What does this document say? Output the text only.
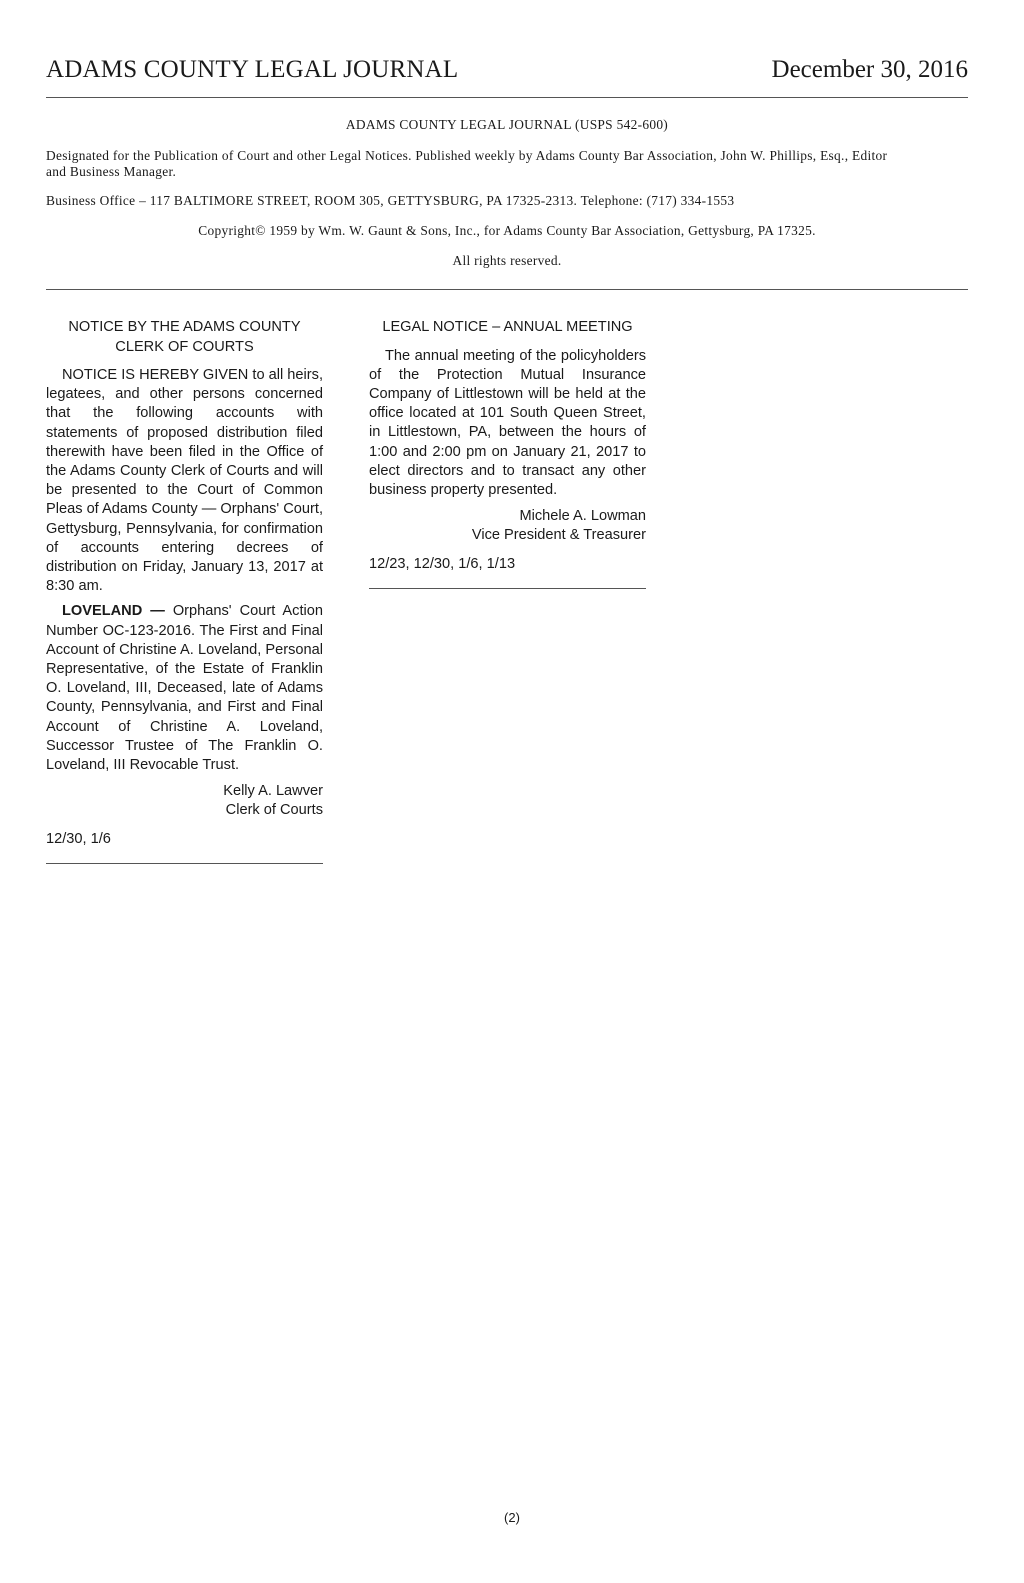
ADAMS COUNTY LEGAL JOURNAL	December 30, 2016

ADAMS COUNTY LEGAL JOURNAL (USPS 542-600)

Designated for the Publication of Court and other Legal Notices. Published weekly by Adams County Bar Association, John W. Phillips, Esq., Editor and Business Manager.

Business Office – 117 BALTIMORE STREET, ROOM 305, GETTYSBURG, PA 17325-2313. Telephone: (717) 334-1553

Copyright© 1959 by Wm. W. Gaunt & Sons, Inc., for Adams County Bar Association, Gettysburg, PA 17325.

All rights reserved.

NOTICE BY THE ADAMS COUNTY
CLERK OF COURTS

NOTICE IS HEREBY GIVEN to all heirs, legatees, and other persons concerned that the following accounts with statements of proposed distribution filed therewith have been filed in the Office of the Adams County Clerk of Courts and will be presented to the Court of Common Pleas of Adams County — Orphans' Court, Gettysburg, Pennsylvania, for confirmation of accounts entering decrees of distribution on Friday, January 13, 2017 at 8:30 am.

LOVELAND — Orphans' Court Action Number OC-123-2016. The First and Final Account of Christine A. Loveland, Personal Representative, of the Estate of Franklin O. Loveland, III, Deceased, late of Adams County, Pennsylvania, and First and Final Account of Christine A. Loveland, Successor Trustee of The Franklin O. Loveland, III Revocable Trust.

Kelly A. Lawver
Clerk of Courts
12/30, 1/6
LEGAL NOTICE – ANNUAL MEETING

The annual meeting of the policyholders of the Protection Mutual Insurance Company of Littlestown will be held at the office located at 101 South Queen Street, in Littlestown, PA, between the hours of 1:00 and 2:00 pm on January 21, 2017 to elect directors and to transact any other business property presented.

Michele A. Lowman
Vice President & Treasurer
12/23, 12/30, 1/6, 1/13
(2)
